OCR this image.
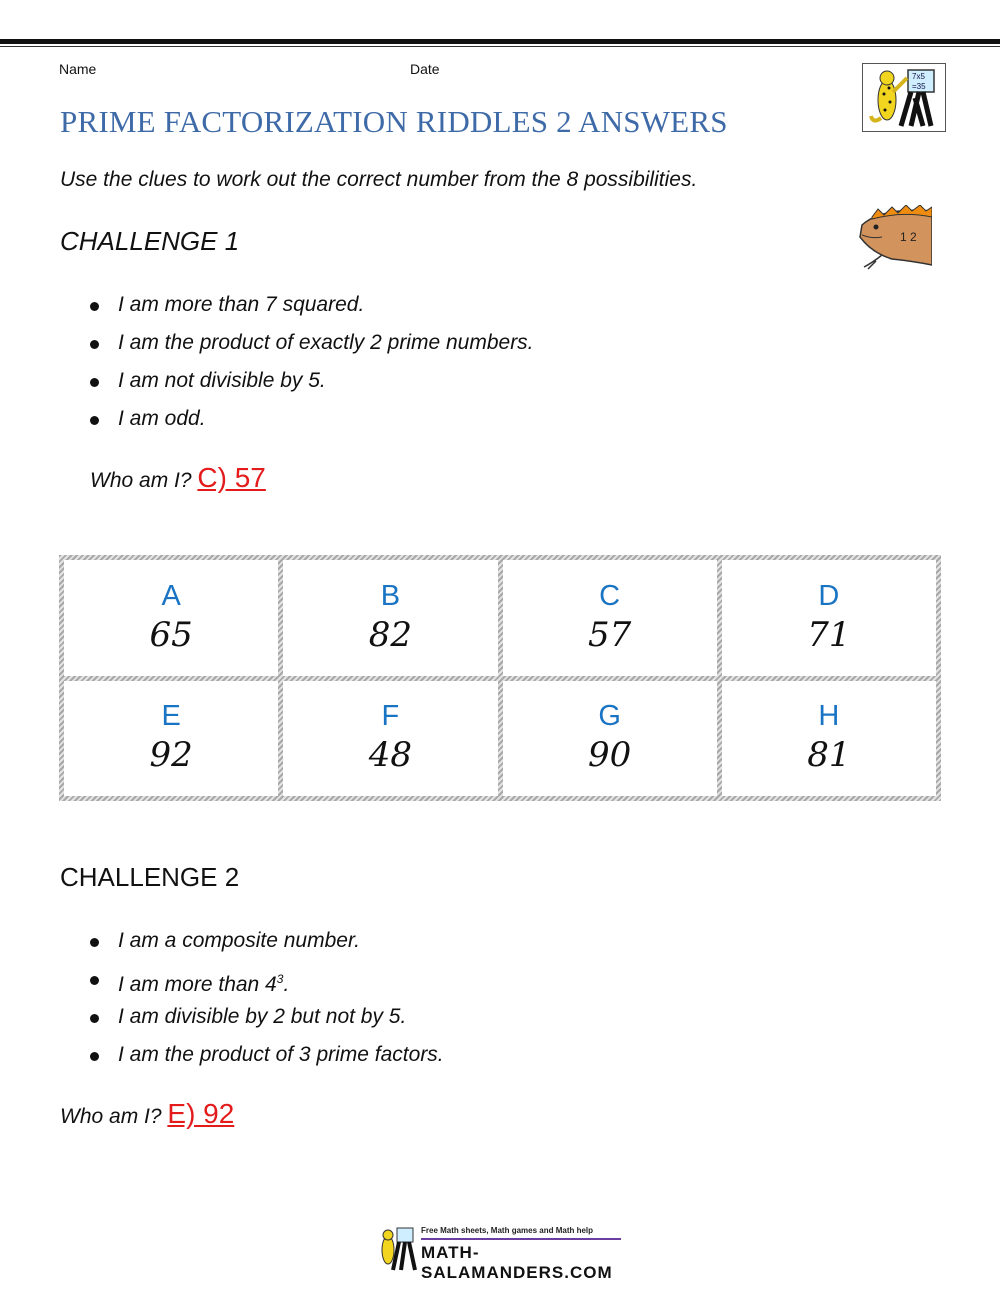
Name	Date
PRIME FACTORIZATION RIDDLES 2 ANSWERS
7x5
=35

Use the clues to work out the correct number from the 8 possibilities.

1 2
CHALLENGE 1
I am more than 7 squared.
I am the product of exactly 2 prime numbers.
I am not divisible by 5.
I am odd.
Who am I? C) 57
A
65
B
82
C
57
D
71
E
92
F
48
G
90
H
81
CHALLENGE 2
I am a composite number.
I am more than $4^3$.
I am divisible by 2 but not by 5.
I am the product of 3 prime factors.
Who am I? E) 92
Free Math sheets, Math games and Math help
MATH-SALAMANDERS.COM
